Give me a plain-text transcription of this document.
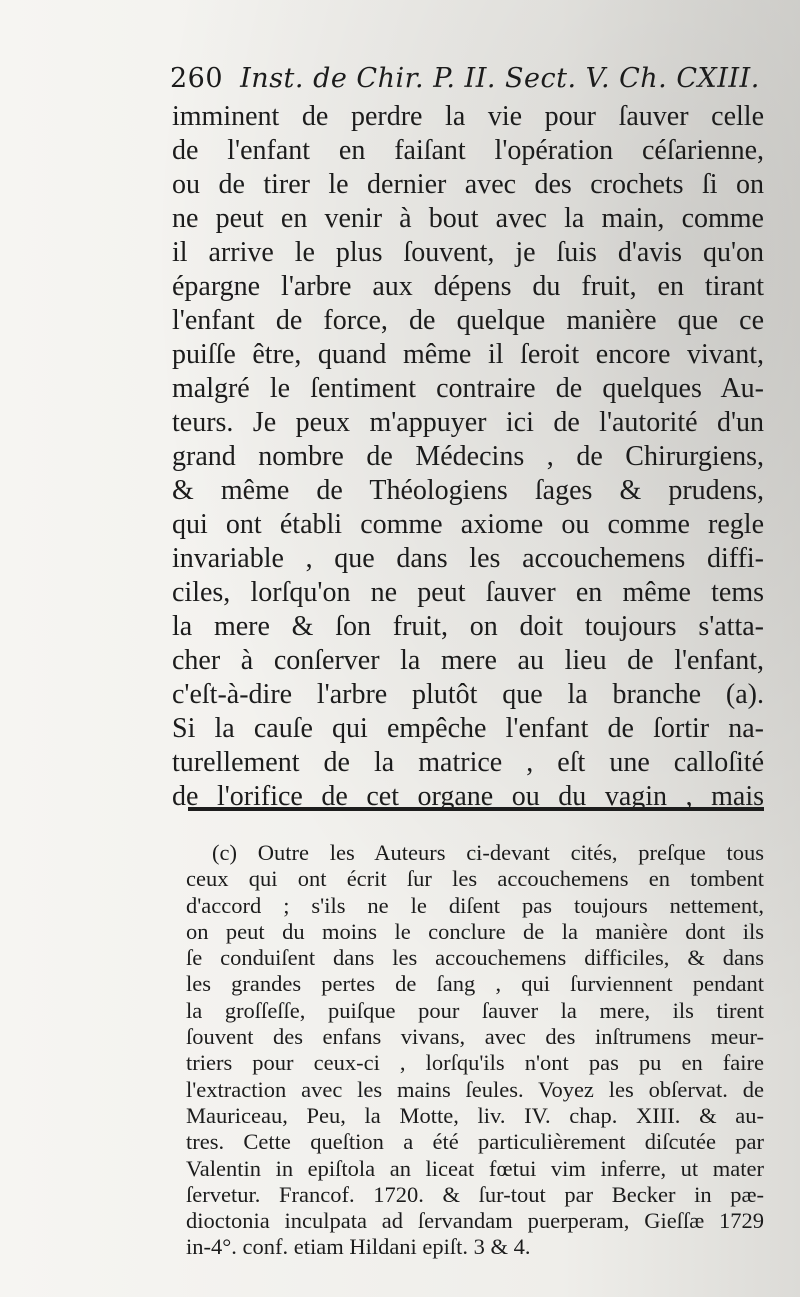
260 Inst. de Chir. P. II. Sect. V. Ch. CXIII.
imminent de perdre la vie pour ſauver celle
de l'enfant en faiſant l'opération céſarienne,
ou de tirer le dernier avec des crochets ſi on
ne peut en venir à bout avec la main, comme
il arrive le plus ſouvent, je ſuis d'avis qu'on
épargne l'arbre aux dépens du fruit, en tirant
l'enfant de force, de quelque manière que ce
puiſſe être, quand même il ſeroit encore vivant,
malgré le ſentiment contraire de quelques Au-
teurs. Je peux m'appuyer ici de l'autorité d'un
grand nombre de Médecins , de Chirurgiens,
& même de Théologiens ſages & prudens,
qui ont établi comme axiome ou comme regle
invariable , que dans les accouchemens diffi-
ciles, lorſqu'on ne peut ſauver en même tems
la mere & ſon fruit, on doit toujours s'atta-
cher à conſerver la mere au lieu de l'enfant,
c'eſt-à-dire l'arbre plutôt que la branche (a).
Si la cauſe qui empêche l'enfant de ſortir na-
turellement de la matrice , eſt une calloſité
de l'orifice de cet organe ou du vagin , mais
(c) Outre les Auteurs ci-devant cités, preſque tous
ceux qui ont écrit ſur les accouchemens en tombent
d'accord ; s'ils ne le diſent pas toujours nettement,
on peut du moins le conclure de la manière dont ils
ſe conduiſent dans les accouchemens difficiles, & dans
les grandes pertes de ſang , qui ſurviennent pendant
la groſſeſſe, puiſque pour ſauver la mere, ils tirent
ſouvent des enfans vivans, avec des inſtrumens meur-
triers pour ceux-ci , lorſqu'ils n'ont pas pu en faire
l'extraction avec les mains ſeules. Voyez les obſervat. de
Mauriceau, Peu, la Motte, liv. IV. chap. XIII. & au-
tres. Cette queſtion a été particulièrement diſcutée par
Valentin in epiſtola an liceat fœtui vim inferre, ut mater
ſervetur. Francof. 1720. & ſur-tout par Becker in pæ-
dioctonia inculpata ad ſervandam puerperam, Gieſſæ 1729
in-4°. conf. etiam Hildani epiſt. 3 & 4.
